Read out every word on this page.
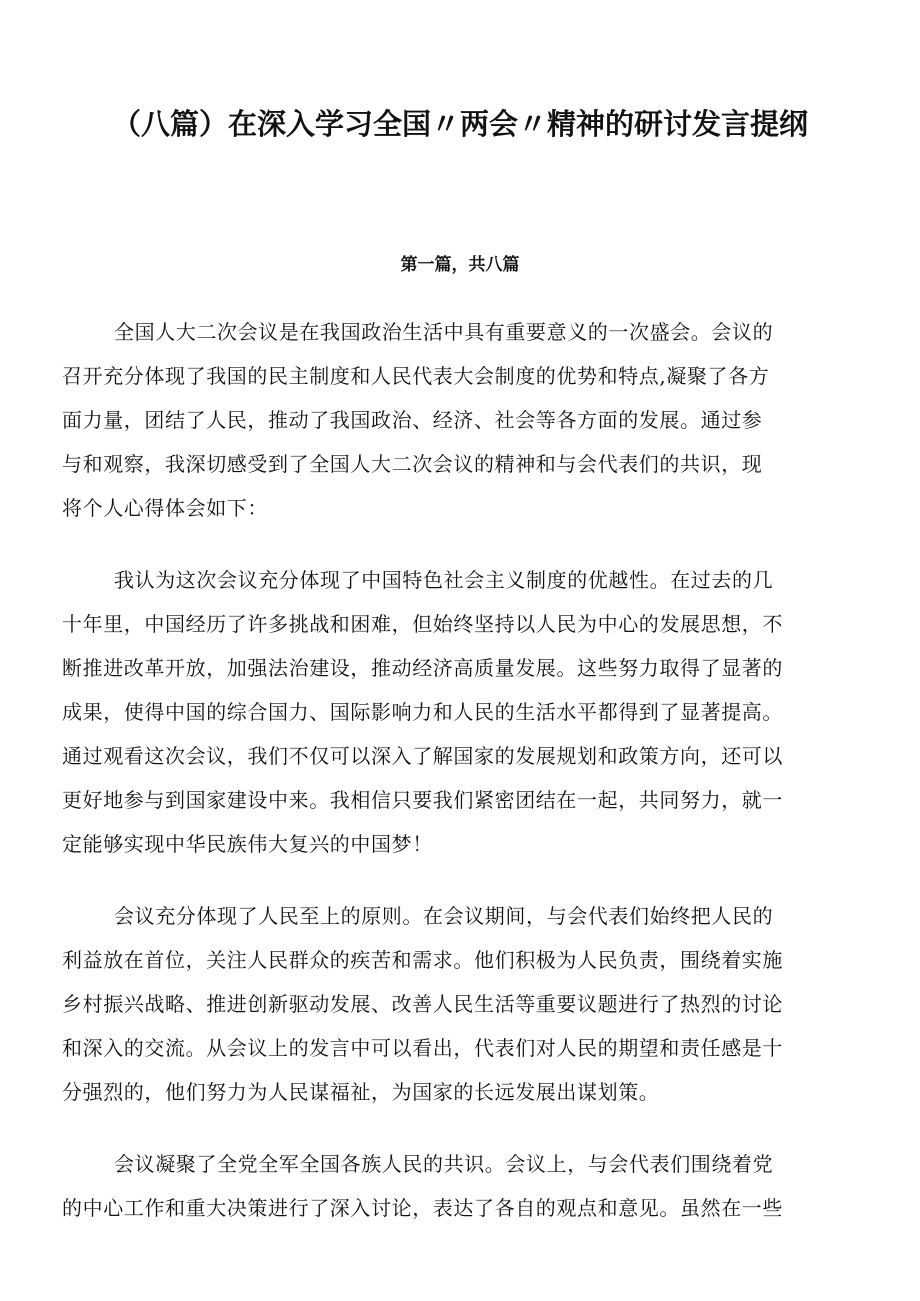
（八篇）在深入学习全国〃两会〃精神的研讨发言提纲
第一篇，共八篇
全国人大二次会议是在我国政治生活中具有重要意义的一次盛会。会议的
召开充分体现了我国的民主制度和人民代表大会制度的优势和特点,凝聚了各方
面力量，团结了人民，推动了我国政治、经济、社会等各方面的发展。通过参
与和观察，我深切感受到了全国人大二次会议的精神和与会代表们的共识，现
将个人心得体会如下：
我认为这次会议充分体现了中国特色社会主义制度的优越性。在过去的几
十年里，中国经历了许多挑战和困难，但始终坚持以人民为中心的发展思想，不
断推进改革开放，加强法治建设，推动经济高质量发展。这些努力取得了显著的
成果，使得中国的综合国力、国际影响力和人民的生活水平都得到了显著提高。
通过观看这次会议，我们不仅可以深入了解国家的发展规划和政策方向，还可以
更好地参与到国家建设中来。我相信只要我们紧密团结在一起，共同努力，就一
定能够实现中华民族伟大复兴的中国梦！
会议充分体现了人民至上的原则。在会议期间，与会代表们始终把人民的
利益放在首位，关注人民群众的疾苦和需求。他们积极为人民负责，围绕着实施
乡村振兴战略、推进创新驱动发展、改善人民生活等重要议题进行了热烈的讨论
和深入的交流。从会议上的发言中可以看出，代表们对人民的期望和责任感是十
分强烈的，他们努力为人民谋福祉，为国家的长远发展出谋划策。
会议凝聚了全党全军全国各族人民的共识。会议上，与会代表们围绕着党
的中心工作和重大决策进行了深入讨论，表达了各自的观点和意见。虽然在一些
